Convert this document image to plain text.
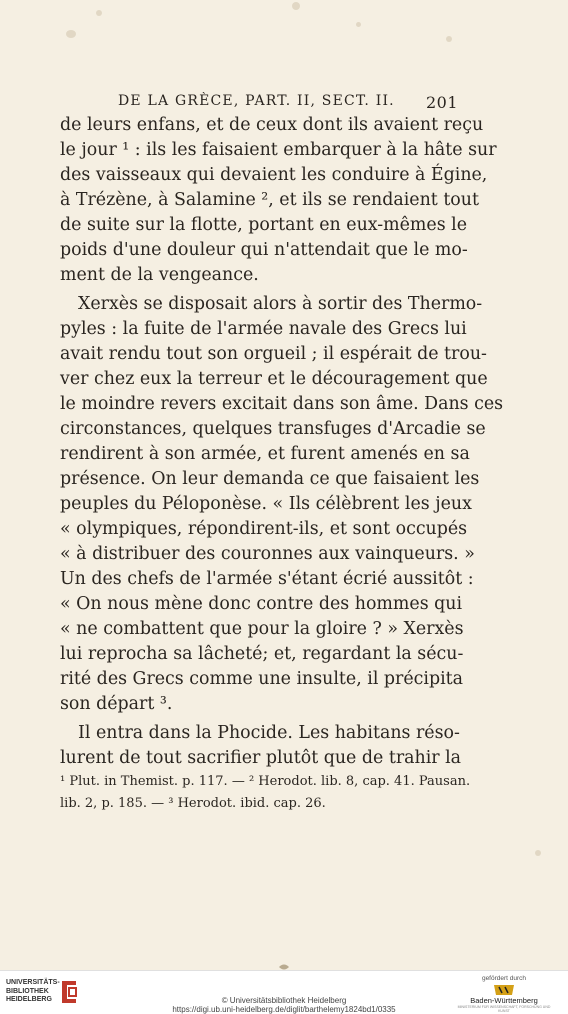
DE LA GRÈCE, PART. II, SECT. II. 201
de leurs enfans, et de ceux dont ils avaient reçu
le jour ¹ : ils les faisaient embarquer à la hâte sur
des vaisseaux qui devaient les conduire à Égine,
à Trézène, à Salamine ², et ils se rendaient tout
de suite sur la flotte, portant en eux-mêmes le
poids d'une douleur qui n'attendait que le mo-
ment de la vengeance.
Xerxès se disposait alors à sortir des Thermo-
pyles : la fuite de l'armée navale des Grecs lui
avait rendu tout son orgueil ; il espérait de trou-
ver chez eux la terreur et le découragement que
le moindre revers excitait dans son âme. Dans ces
circonstances, quelques transfuges d'Arcadie se
rendirent à son armée, et furent amenés en sa
présence. On leur demanda ce que faisaient les
peuples du Péloponèse. « Ils célèbrent les jeux
« olympiques, répondirent-ils, et sont occupés
« à distribuer des couronnes aux vainqueurs. »
Un des chefs de l'armée s'étant écrié aussitôt :
« On nous mène donc contre des hommes qui
« ne combattent que pour la gloire ? » Xerxès
lui reprocha sa lâcheté; et, regardant la sécu-
rité des Grecs comme une insulte, il précipita
son départ ³.
Il entra dans la Phocide. Les habitans réso-
lurent de tout sacrifier plutôt que de trahir la
¹ Plut. in Themist. p. 117. — ² Herodot. lib. 8, cap. 41. Pausan.
lib. 2, p. 185. — ³ Herodot. ibid. cap. 26.
UNIVERSITÄTS-
BIBLIOTHEK
HEIDELBERG	© Universitätsbibliothek Heidelberg
https://digi.ub.uni-heidelberg.de/diglit/barthelemy1824bd1/0335
gefördert durch
Baden-Württemberg
MINISTERIUM FÜR WISSENSCHAFT, FORSCHUNG UND KUNST
